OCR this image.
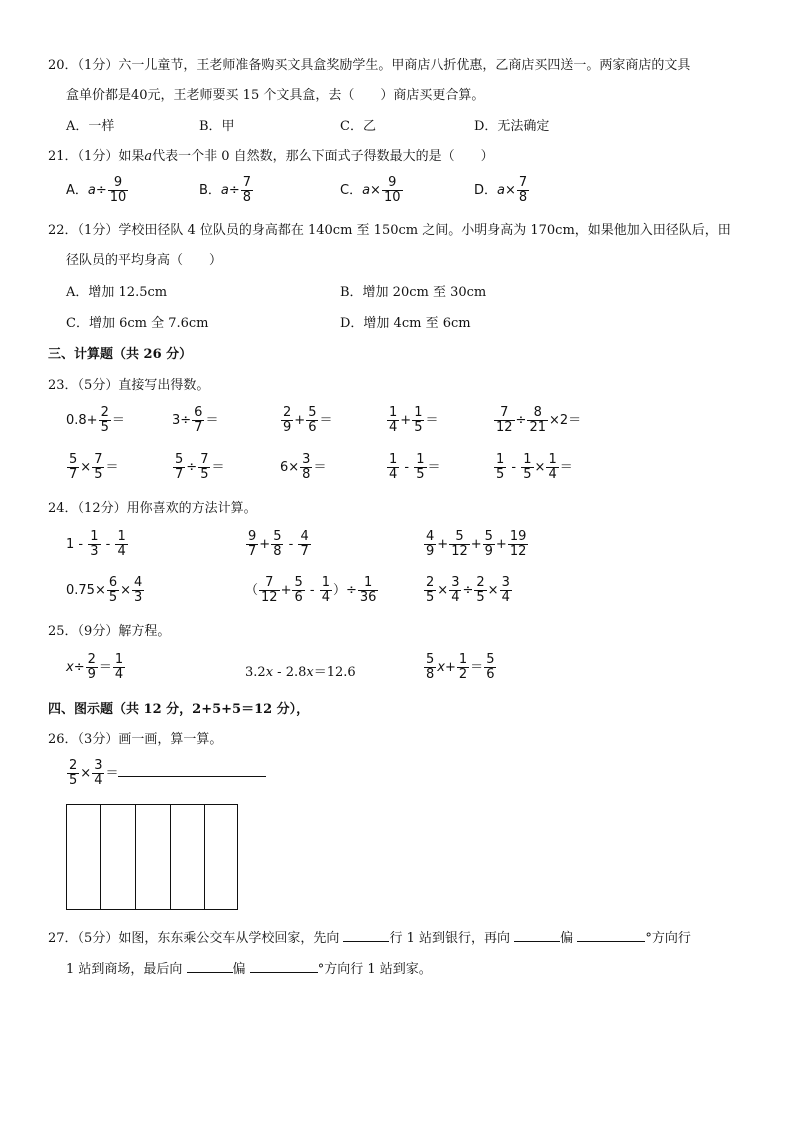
20．（1分）六一儿童节，王老师准备购买文具盒奖励学生。甲商店八折优惠，乙商店买四送一。两家商店的文具
盒单价都是40元，王老师要买 15 个文具盒，去（　　）商店买更合算。
A．一样	B．甲	C．乙	D．无法确定
21．（1分）如果a代表一个非 0 自然数，那么下面式子得数最大的是（　　）
A．$a\div \frac{9}{10}$	B．$a\div \frac{7}{8}$	C．$a\times \frac{9}{10}$	D．$a\times \frac{7}{8}$
22．（1分）学校田径队 4 位队员的身高都在 140cm 至 150cm 之间。小明身高为 170cm，如果他加入田径队后，田
径队员的平均身高（　　）
A．增加 12.5cm	B．增加 20cm 至 30cm
C．增加 6cm 全 7.6cm	D．增加 4cm 至 6cm
三、计算题（共 26 分）
23．（5分）直接写出得数。
$0.8+ \frac{2}{5}$ ＝	$3\div \frac{6}{7}$ ＝	$\frac{2}{9} + \frac{5}{6}$ ＝	$\frac{1}{4} + \frac{1}{5}$ ＝	$\frac{7}{12} \div \frac{8}{21} \times 2=$
$\frac{5}{7} \times \frac{7}{5}$ ＝	$\frac{5}{7} \div \frac{7}{5}$ ＝	$6\times \frac{3}{8}$ ＝	$\frac{1}{4} - \frac{1}{5}$ ＝	$\frac{1}{5} - \frac{1}{5} \times \frac{1}{4}$ ＝
24．（12分）用你喜欢的方法计算。
$1 - \frac{1}{3} - \frac{1}{4}$	$\frac{9}{7} + \frac{5}{8} - \frac{4}{7}$	$\frac{4}{9} + \frac{5}{12} + \frac{5}{9} + \frac{19}{12}$
$0.75\times \frac{6}{5} \times \frac{4}{3}$	（ $\frac{7}{12} + \frac{5}{6} - \frac{1}{4}$ ）÷ $\frac{1}{36}$	$\frac{2}{5} \times \frac{3}{4} \div \frac{2}{5} \times \frac{3}{4}$
25．（9分）解方程。
$x\div \frac{2}{9} = \frac{1}{4}$	3.2x - 2.8x＝12.6	$\frac{5}{8} x+ \frac{1}{2} = \frac{5}{6}$
四、图示题（共 12 分，2+5+5＝12 分），
26．（3分）画一画，算一算。
$\frac{2}{5} \times \frac{3}{4}$ ＝
27．（5分）如图，东东乘公交车从学校回家，先向	行 1 站到银行，再向	偏	°方向行
1 站到商场，最后向	偏	°方向行 1 站到家。
